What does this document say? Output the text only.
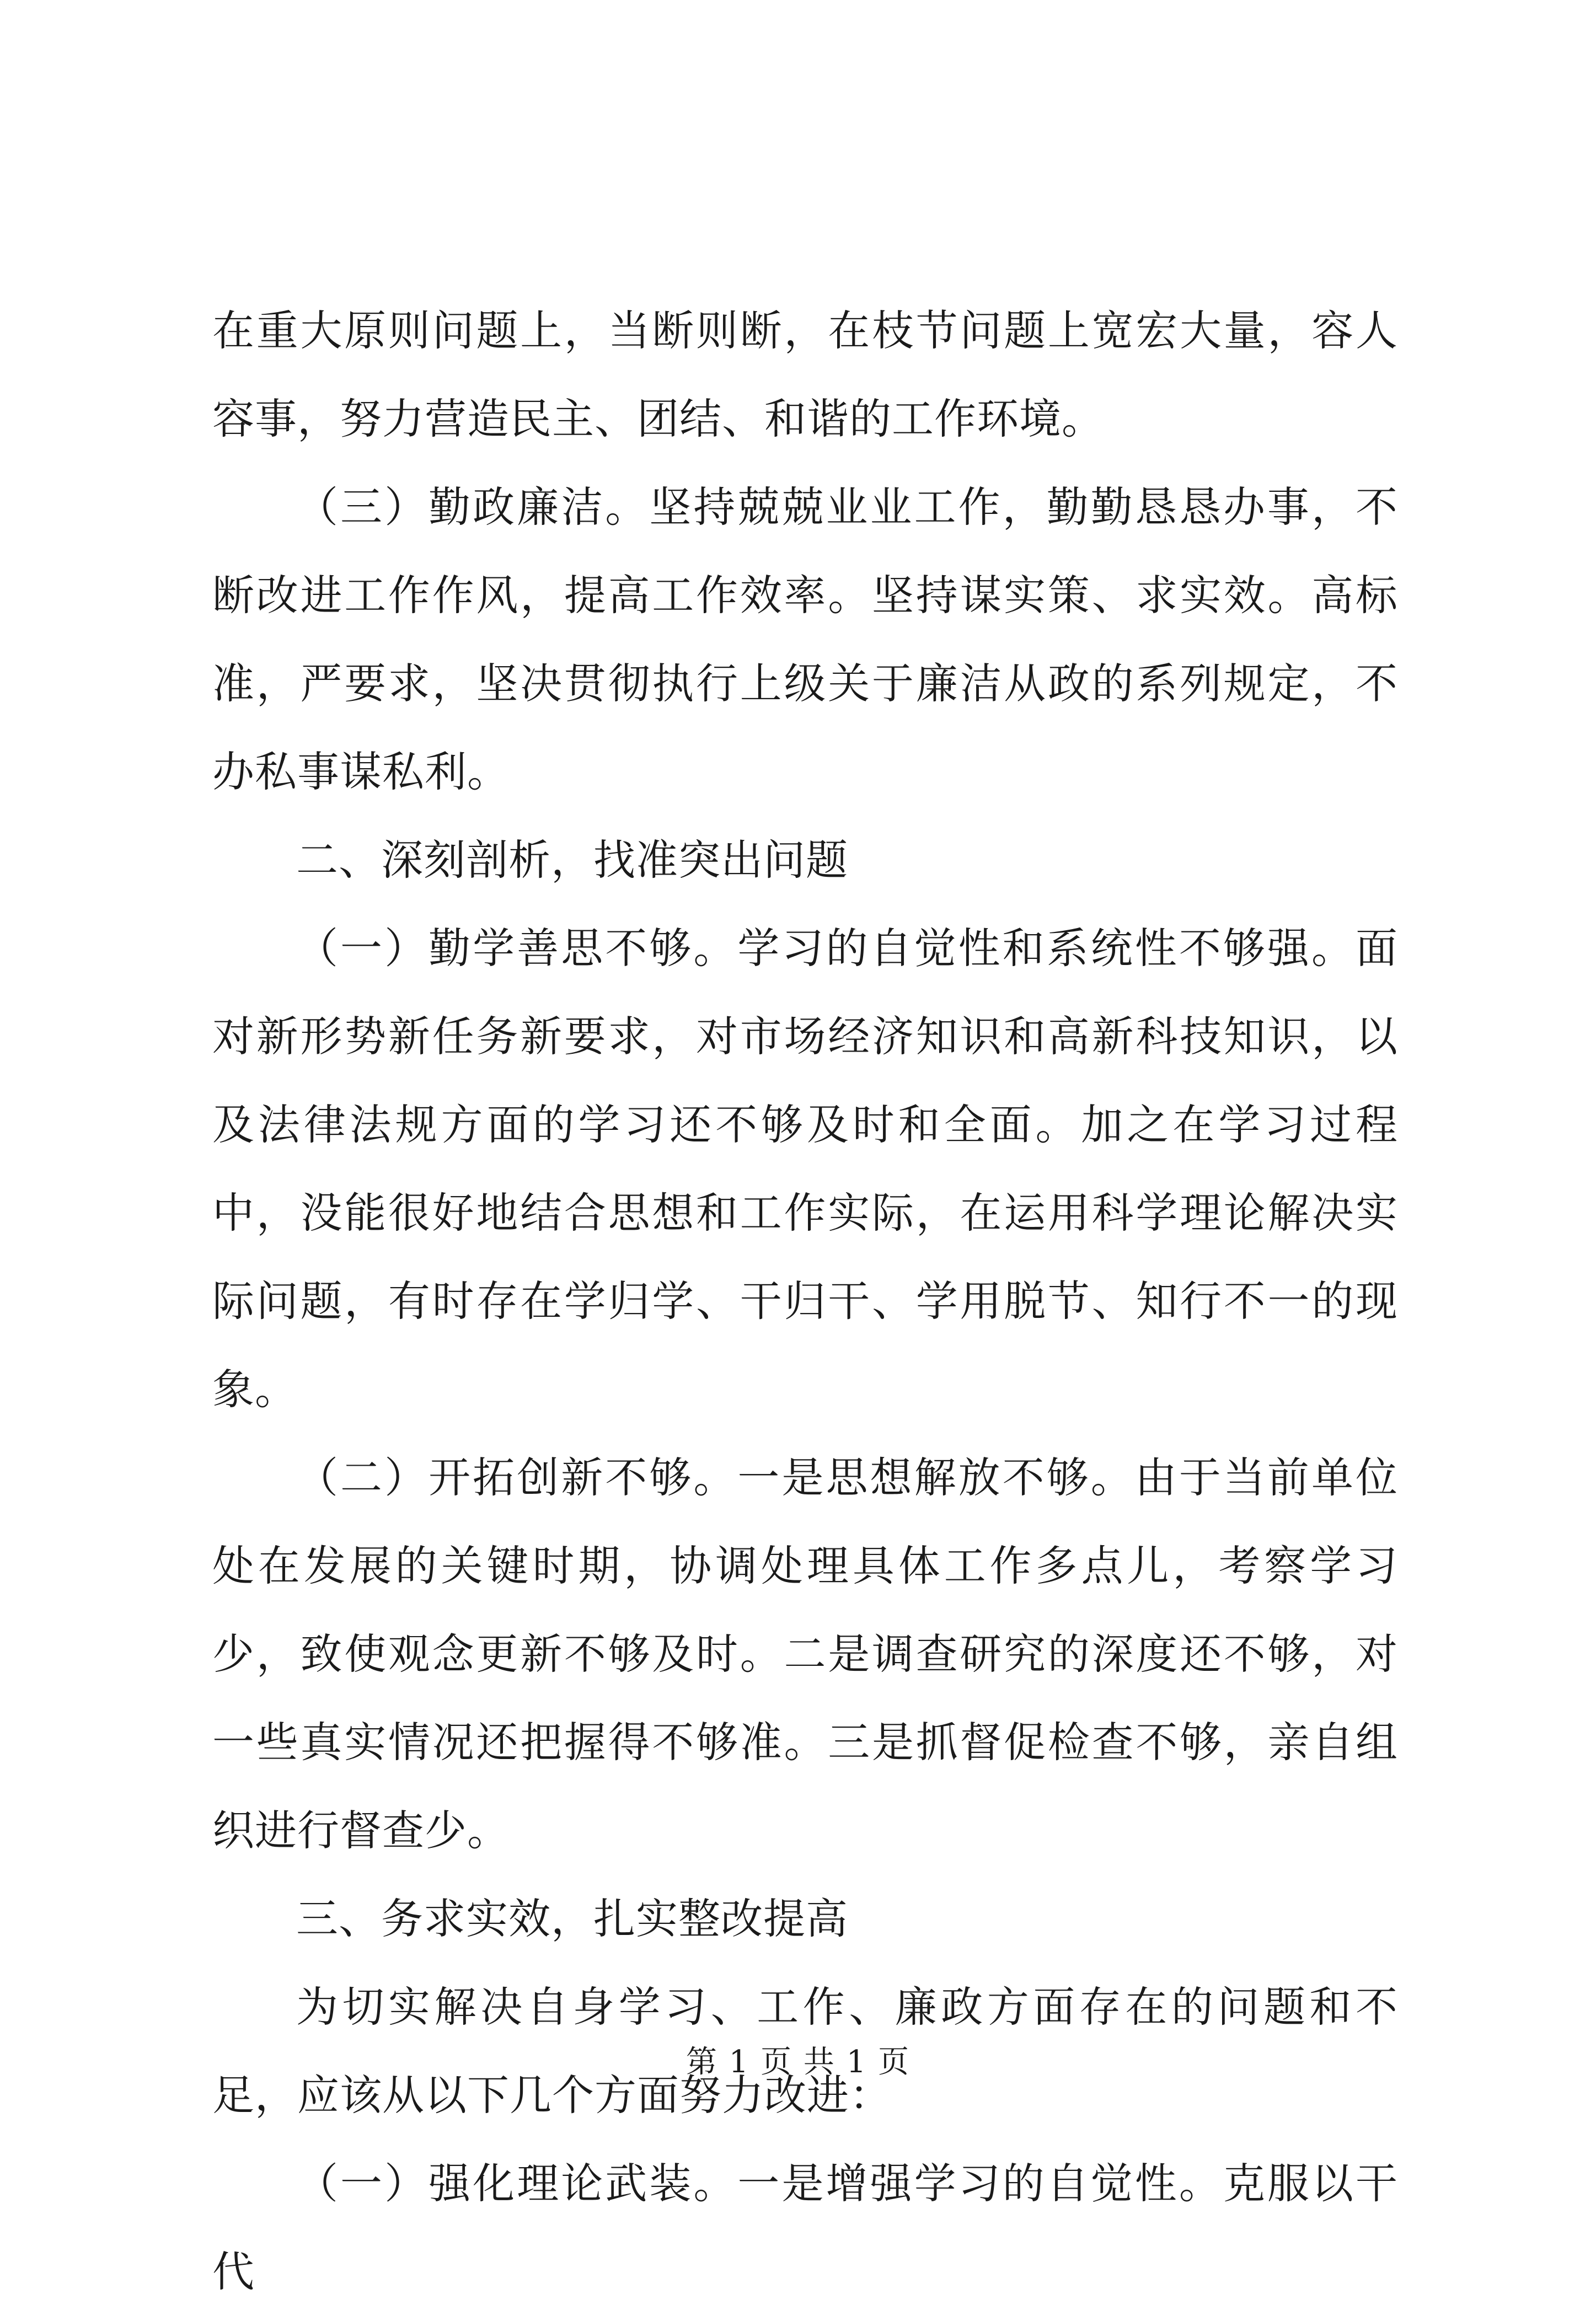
在重大原则问题上，当断则断，在枝节问题上宽宏大量，容人容事，努力营造民主、团结、和谐的工作环境。

（三）勤政廉洁。坚持兢兢业业工作，勤勤恳恳办事，不断改进工作作风，提高工作效率。坚持谋实策、求实效。高标准，严要求，坚决贯彻执行上级关于廉洁从政的系列规定，不办私事谋私利。

二、深刻剖析，找准突出问题

（一）勤学善思不够。学习的自觉性和系统性不够强。面对新形势新任务新要求，对市场经济知识和高新科技知识，以及法律法规方面的学习还不够及时和全面。加之在学习过程中，没能很好地结合思想和工作实际，在运用科学理论解决实际问题，有时存在学归学、干归干、学用脱节、知行不一的现象。

（二）开拓创新不够。一是思想解放不够。由于当前单位处在发展的关键时期，协调处理具体工作多点儿，考察学习少，致使观念更新不够及时。二是调查研究的深度还不够，对一些真实情况还把握得不够准。三是抓督促检查不够，亲自组织进行督查少。

三、务求实效，扎实整改提高

为切实解决自身学习、工作、廉政方面存在的问题和不足，应该从以下几个方面努力改进：

（一）强化理论武装。一是增强学习的自觉性。克服以干代

第 1 页 共 1 页
